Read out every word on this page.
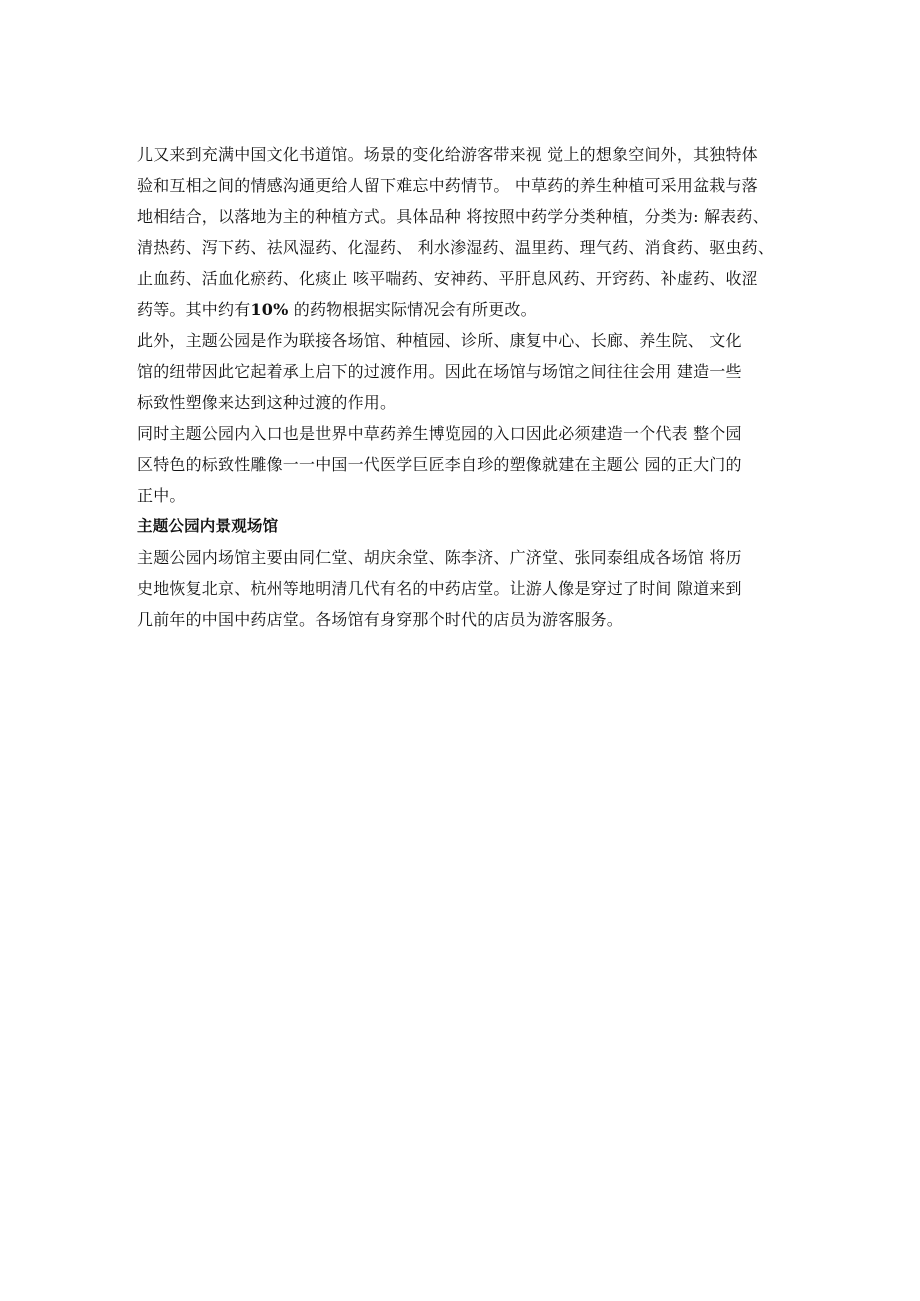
儿又来到充满中国文化书道馆。场景的变化给游客带来视 觉上的想象空间外，其独特体
验和互相之间的情感沟通更给人留下难忘中药情节。 中草药的养生种植可采用盆栽与落
地相结合，以落地为主的种植方式。具体品种 将按照中药学分类种植，分类为: 解表药、
清热药、泻下药、祛风湿药、化湿药、 利水渗湿药、温里药、理气药、消食药、驱虫药、
止血药、活血化瘀药、化痰止 咳平喘药、安神药、平肝息风药、开窍药、补虚药、收涩
药等。其中约有10% 的药物根据实际情况会有所更改。
此外，主题公园是作为联接各场馆、种植园、诊所、康复中心、长廊、养生院、 文化
馆的纽带因此它起着承上启下的过渡作用。因此在场馆与场馆之间往往会用 建造一些
标致性塑像来达到这种过渡的作用。
同时主题公园内入口也是世界中草药养生博览园的入口因此必须建造一个代表 整个园
区特色的标致性雕像一一中国一代医学巨匠李自珍的塑像就建在主题公 园的正大门的
正中。
主题公园内景观场馆
主题公园内场馆主要由同仁堂、胡庆余堂、陈李济、广济堂、张同泰组成各场馆 将历
史地恢复北京、杭州等地明清几代有名的中药店堂。让游人像是穿过了时间 隙道来到
几前年的中国中药店堂。各场馆有身穿那个时代的店员为游客服务。
